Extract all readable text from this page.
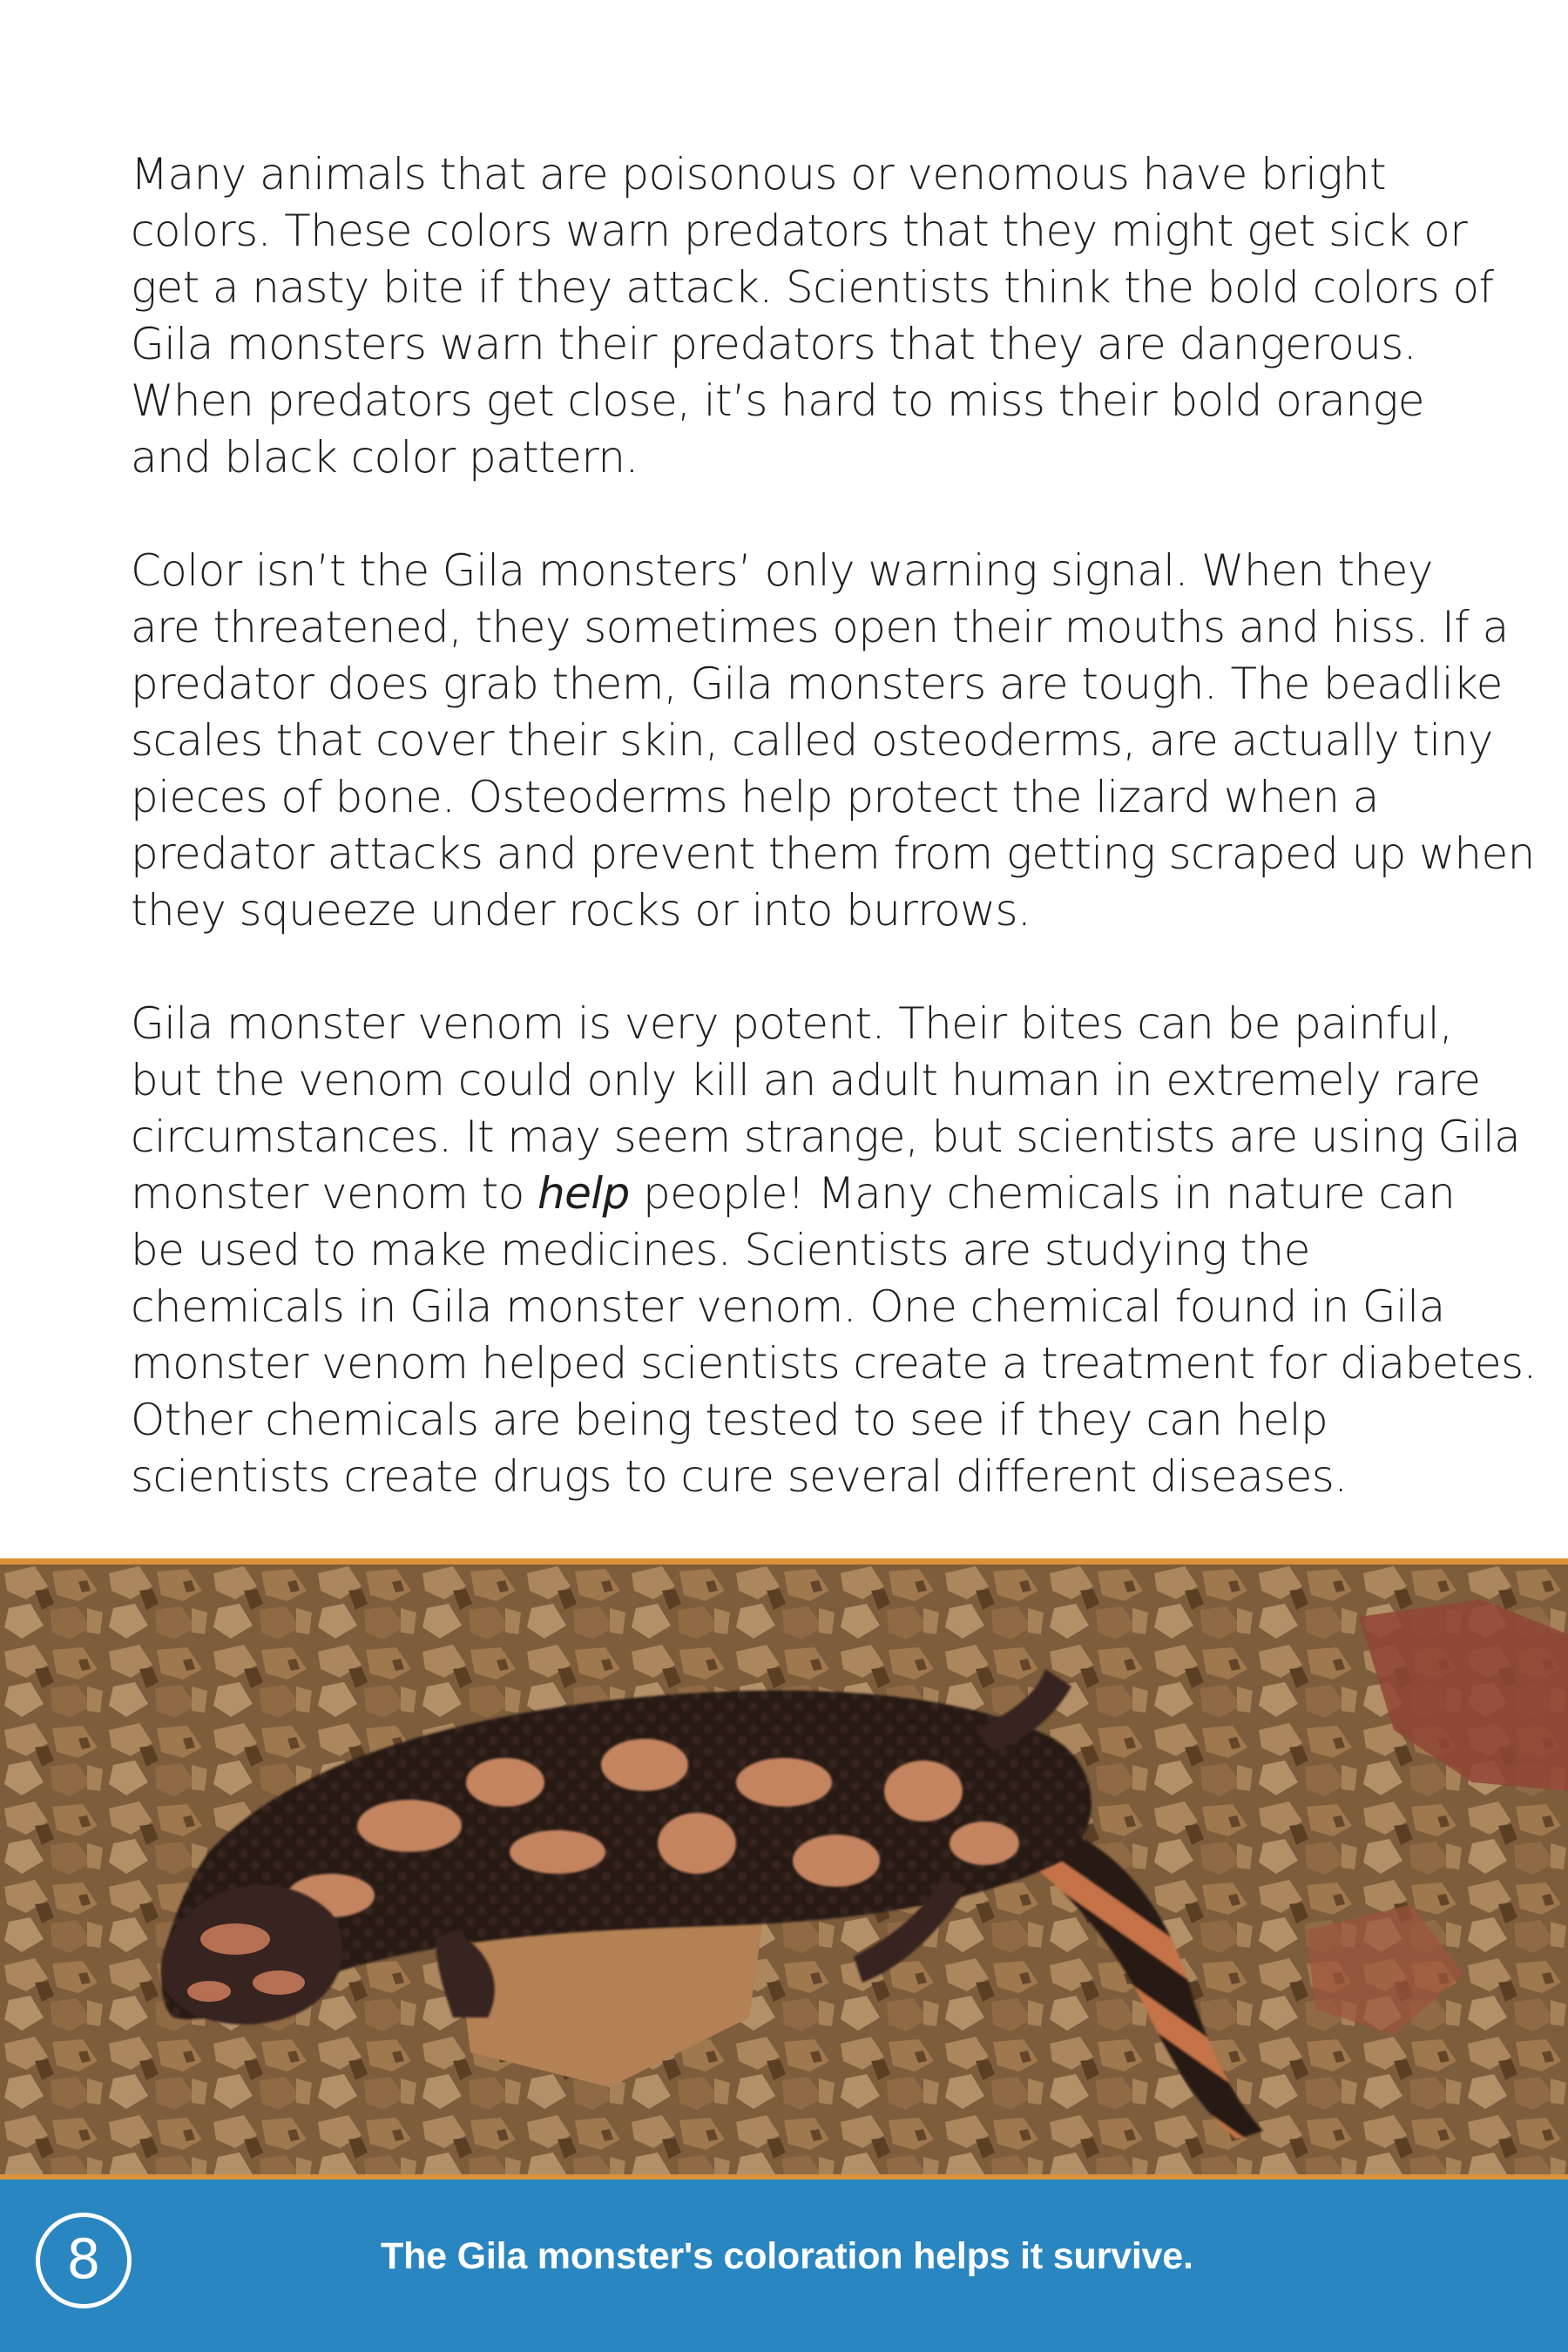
Many animals that are poisonous or venomous have bright
colors. These colors warn predators that they might get sick or
get a nasty bite if they attack. Scientists think the bold colors of
Gila monsters warn their predators that they are dangerous.
When predators get close, it’s hard to miss their bold orange
and black color pattern.

Color isn’t the Gila monsters’ only warning signal. When they
are threatened, they sometimes open their mouths and hiss. If a
predator does grab them, Gila monsters are tough. The beadlike
scales that cover their skin, called osteoderms, are actually tiny
pieces of bone. Osteoderms help protect the lizard when a
predator attacks and prevent them from getting scraped up when
they squeeze under rocks or into burrows.

Gila monster venom is very potent. Their bites can be painful,
but the venom could only kill an adult human in extremely rare
circumstances. It may seem strange, but scientists are using Gila
monster venom to help people! Many chemicals in nature can
be used to make medicines. Scientists are studying the
chemicals in Gila monster venom. One chemical found in Gila
monster venom helped scientists create a treatment for diabetes.
Other chemicals are being tested to see if they can help
scientists create drugs to cure several different diseases.

8	The Gila monster's coloration helps it survive.
